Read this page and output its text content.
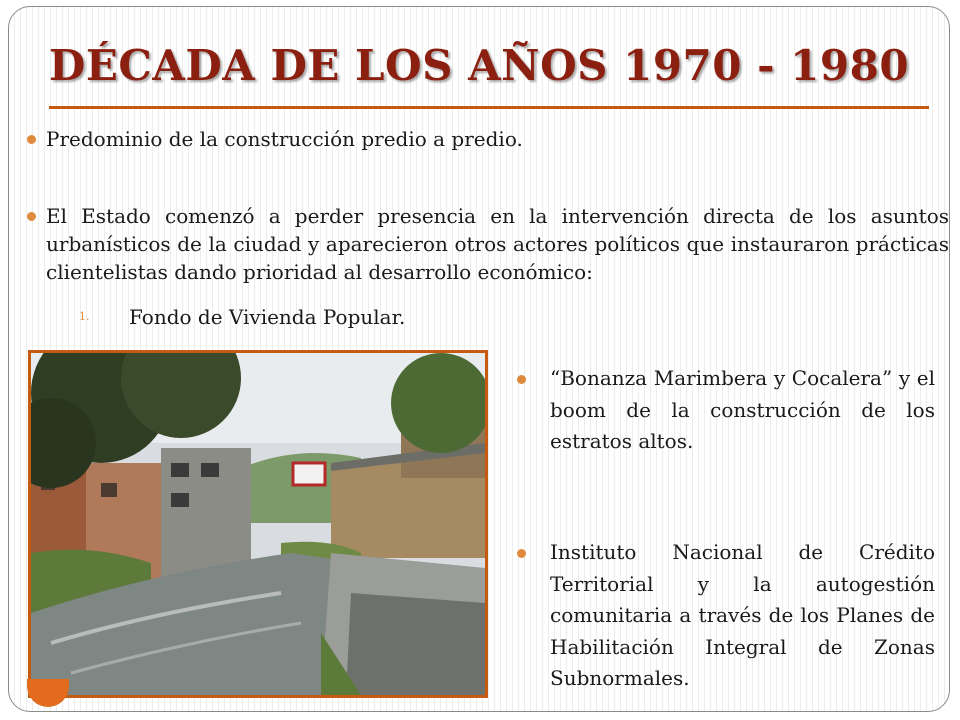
DÉCADA DE LOS AÑOS 1970 - 1980
Predominio de la construcción predio a predio.
El Estado comenzó a perder presencia en la intervención directa de los asuntos urbanísticos de la ciudad y aparecieron otros actores políticos que instauraron prácticas clientelistas dando prioridad al desarrollo económico:
1. Fondo de Vivienda Popular.
“Bonanza Marimbera y Cocalera” y el boom de la construcción de los estratos altos.
Instituto Nacional de Crédito Territorial y la autogestión comunitaria a través de los Planes de Habilitación Integral de Zonas Subnormales.
